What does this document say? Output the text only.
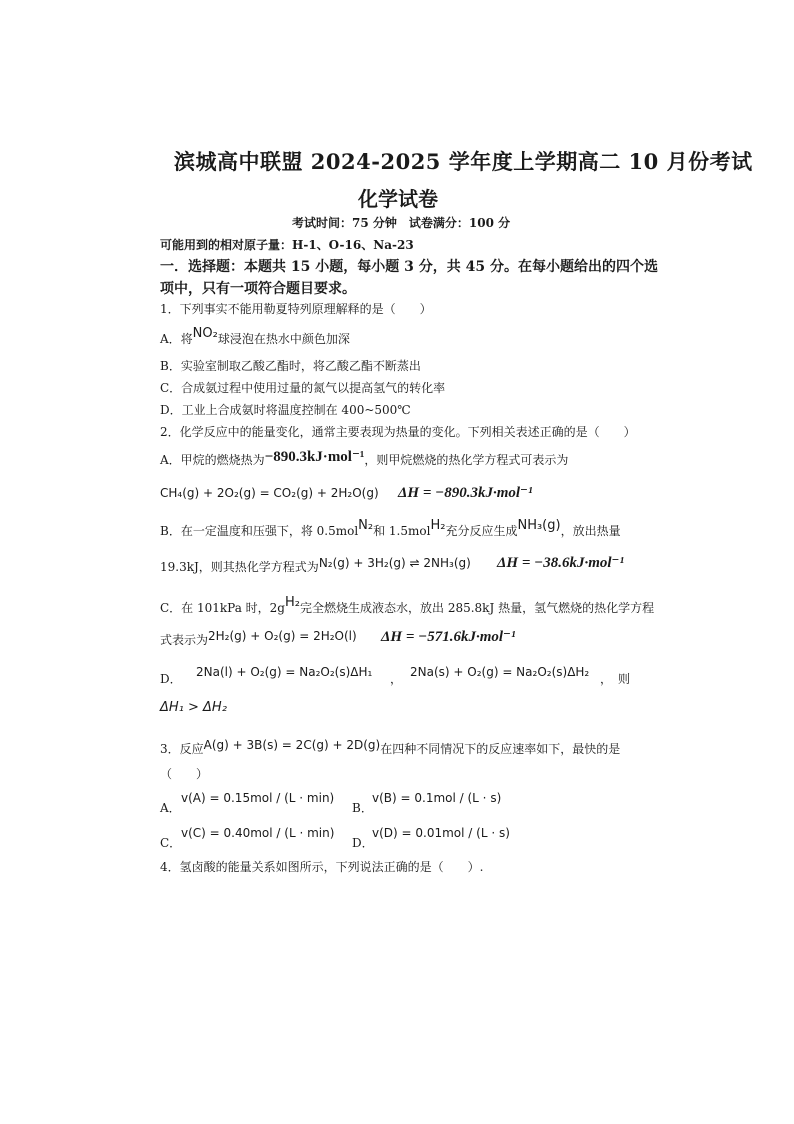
滨城高中联盟 2024-2025 学年度上学期高二 10 月份考试
化学试卷
考试时间：75 分钟　试卷满分：100 分
可能用到的相对原子量：H-1、O-16、Na-23
一．选择题：本题共 15 小题，每小题 3 分，共 45 分。在每小题给出的四个选
项中，只有一项符合题目要求。
1．下列事实不能用勒夏特列原理解释的是（　　）
A．将NO₂球浸泡在热水中颜色加深
B．实验室制取乙酸乙酯时，将乙酸乙酯不断蒸出
C．合成氨过程中使用过量的氮气以提高氢气的转化率
D．工业上合成氨时将温度控制在 400~500℃
2．化学反应中的能量变化，通常主要表现为热量的变化。下列相关表述正确的是（　　）
A．甲烷的燃烧热为−890.3kJ·mol⁻¹，则甲烷燃烧的热化学方程式可表示为
CH₄(g) + 2O₂(g) = CO₂(g) + 2H₂O(g) ΔH = −890.3kJ·mol⁻¹
B．在一定温度和压强下，将 0.5molN₂和 1.5molH₂充分反应生成NH₃(g)，放出热量
19.3kJ，则其热化学方程式为N₂(g) + 3H₂(g) ⇌ 2NH₃(g) ΔH = −38.6kJ·mol⁻¹
C．在 101kPa 时，2gH₂完全燃烧生成液态水，放出 285.8kJ 热量，氢气燃烧的热化学方程
式表示为2H₂(g) + O₂(g) = 2H₂O(l) ΔH = −571.6kJ·mol⁻¹
D． 2Na(l) + O₂(g) = Na₂O₂(s)ΔH₁ ， 2Na(s) + O₂(g) = Na₂O₂(s)ΔH₂ ，　则
ΔH₁ > ΔH₂
3．反应A(g) + 3B(s) = 2C(g) + 2D(g)在四种不同情况下的反应速率如下，最快的是
（　　）
A．
v(A) = 0.15mol / (L · min)
B．
v(B) = 0.1mol / (L · s)
C．
v(C) = 0.40mol / (L · min)
D．
v(D) = 0.01mol / (L · s)
4．氢卤酸的能量关系如图所示，下列说法正确的是（　　）.
